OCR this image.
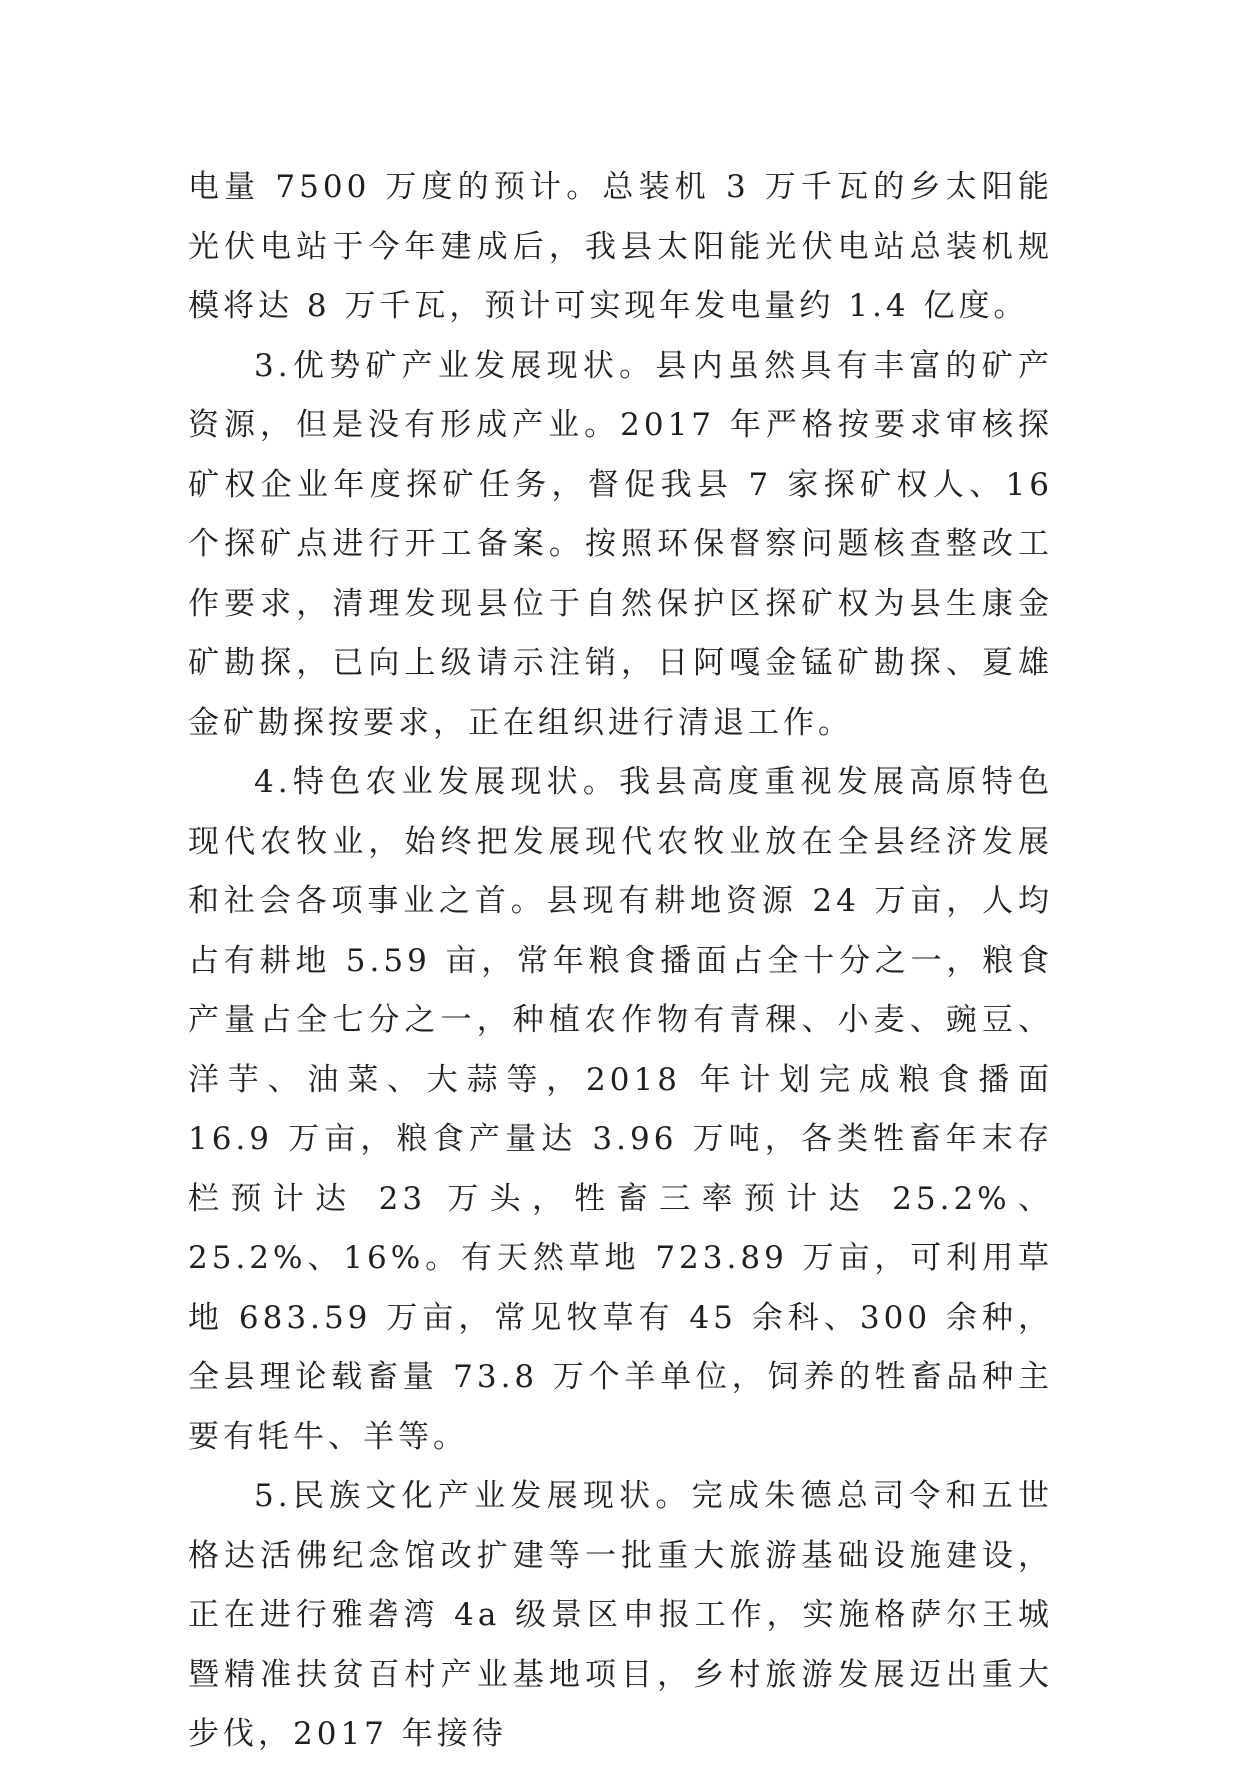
电量 7500 万度的预计。总装机 3 万千瓦的乡太阳能光伏电站于今年建成后，我县太阳能光伏电站总装机规模将达 8 万千瓦，预计可实现年发电量约 1.4 亿度。

3.优势矿产业发展现状。县内虽然具有丰富的矿产资源，但是没有形成产业。2017 年严格按要求审核探矿权企业年度探矿任务，督促我县 7 家探矿权人、16 个探矿点进行开工备案。按照环保督察问题核查整改工作要求，清理发现县位于自然保护区探矿权为县生康金矿勘探，已向上级请示注销，日阿嘎金锰矿勘探、夏雄金矿勘探按要求，正在组织进行清退工作。

4.特色农业发展现状。我县高度重视发展高原特色现代农牧业，始终把发展现代农牧业放在全县经济发展和社会各项事业之首。县现有耕地资源 24 万亩，人均占有耕地 5.59 亩，常年粮食播面占全十分之一，粮食产量占全七分之一，种植农作物有青稞、小麦、豌豆、洋芋、油菜、大蒜等，2018 年计划完成粮食播面 16.9 万亩，粮食产量达 3.96 万吨，各类牲畜年末存栏预计达 23 万头，牲畜三率预计达 25.2%、25.2%、16%。有天然草地 723.89 万亩，可利用草地 683.59 万亩，常见牧草有 45 余科、300 余种，全县理论载畜量 73.8 万个羊单位，饲养的牲畜品种主要有牦牛、羊等。

5.民族文化产业发展现状。完成朱德总司令和五世格达活佛纪念馆改扩建等一批重大旅游基础设施建设，正在进行雅砻湾 4a 级景区申报工作，实施格萨尔王城暨精准扶贫百村产业基地项目，乡村旅游发展迈出重大步伐，2017 年接待
